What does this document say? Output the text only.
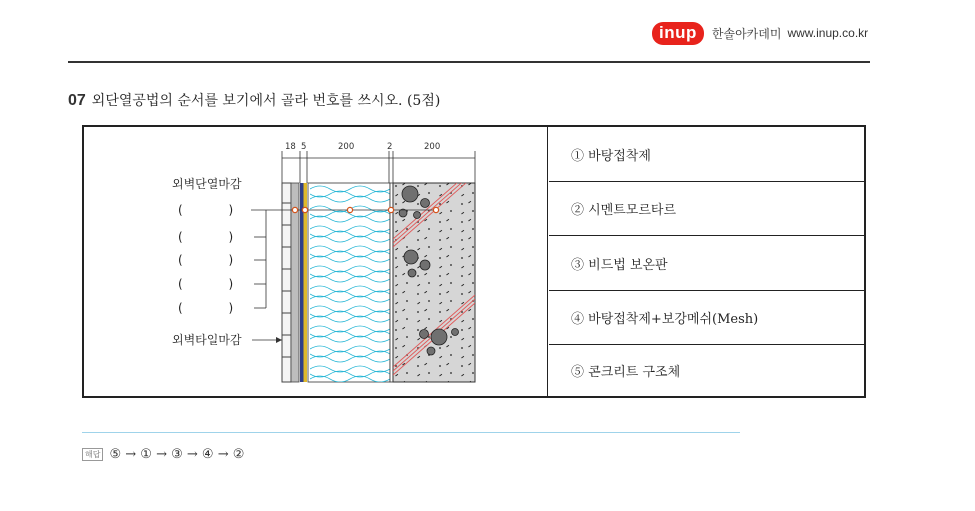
inup	한솔아카데미 www.inup.co.kr
07 외단열공법의 순서를 보기에서 골라 번호를 쓰시오. (5점)
18 5	200	2	200
외벽단열마감
(            )
(            )
(            )
(            )
(            )
외벽타일마감
① 바탕접착제
② 시멘트모르타르
③ 비드법 보온판
④ 바탕접착제+보강메쉬(Mesh)
⑤ 콘크리트 구조체
해답 ⑤ → ① → ③ → ④ → ②
